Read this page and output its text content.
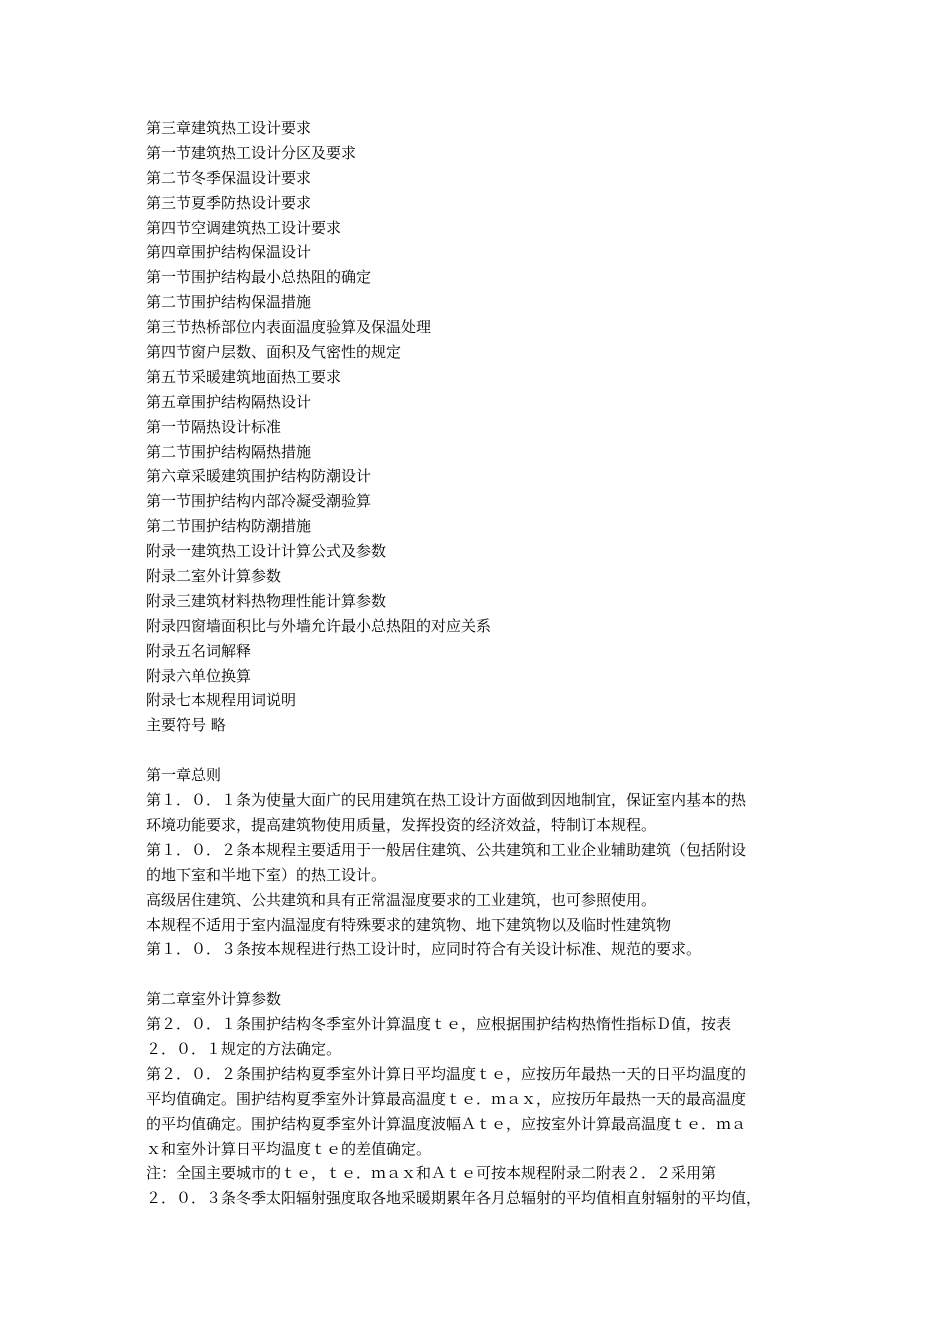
第三章建筑热工设计要求
第一节建筑热工设计分区及要求
第二节冬季保温设计要求
第三节夏季防热设计要求
第四节空调建筑热工设计要求
第四章围护结构保温设计
第一节围护结构最小总热阻的确定
第二节围护结构保温措施
第三节热桥部位内表面温度验算及保温处理
第四节窗户层数、面积及气密性的规定
第五节采暖建筑地面热工要求
第五章围护结构隔热设计
第一节隔热设计标准
第二节围护结构隔热措施
第六章采暖建筑围护结构防潮设计
第一节围护结构内部冷凝受潮验算
第二节围护结构防潮措施
附录一建筑热工设计计算公式及参数
附录二室外计算参数
附录三建筑材料热物理性能计算参数
附录四窗墙面积比与外墙允许最小总热阻的对应关系
附录五名词解释
附录六单位换算
附录七本规程用词说明
主要符号 略
第一章总则
第１．０．１条为使量大面广的民用建筑在热工设计方面做到因地制宜，保证室内基本的热
环境功能要求，提高建筑物使用质量，发挥投资的经济效益，特制订本规程。
第１．０．２条本规程主要适用于一般居住建筑、公共建筑和工业企业辅助建筑（包括附设
的地下室和半地下室）的热工设计。
高级居住建筑、公共建筑和具有正常温湿度要求的工业建筑，也可参照使用。
本规程不适用于室内温湿度有特殊要求的建筑物、地下建筑物以及临时性建筑物
第１．０．３条按本规程进行热工设计时，应同时符合有关设计标准、规范的要求。
第二章室外计算参数
第２．０．１条围护结构冬季室外计算温度ｔｅ，应根据围护结构热惰性指标Ｄ值，按表
２．０．１规定的方法确定。
第２．０．２条围护结构夏季室外计算日平均温度ｔｅ，应按历年最热一天的日平均温度的
平均值确定。围护结构夏季室外计算最高温度ｔｅ．ｍａｘ，应按历年最热一天的最高温度
的平均值确定。围护结构夏季室外计算温度波幅Ａｔｅ，应按室外计算最高温度ｔｅ．ｍａ
ｘ和室外计算日平均温度ｔｅ的差值确定。
注：全国主要城市的ｔｅ，ｔｅ．ｍａｘ和Ａｔｅ可按本规程附录二附表２．２采用第
２．０．３条冬季太阳辐射强度取各地采暖期累年各月总辐射的平均值相直射辐射的平均值，
